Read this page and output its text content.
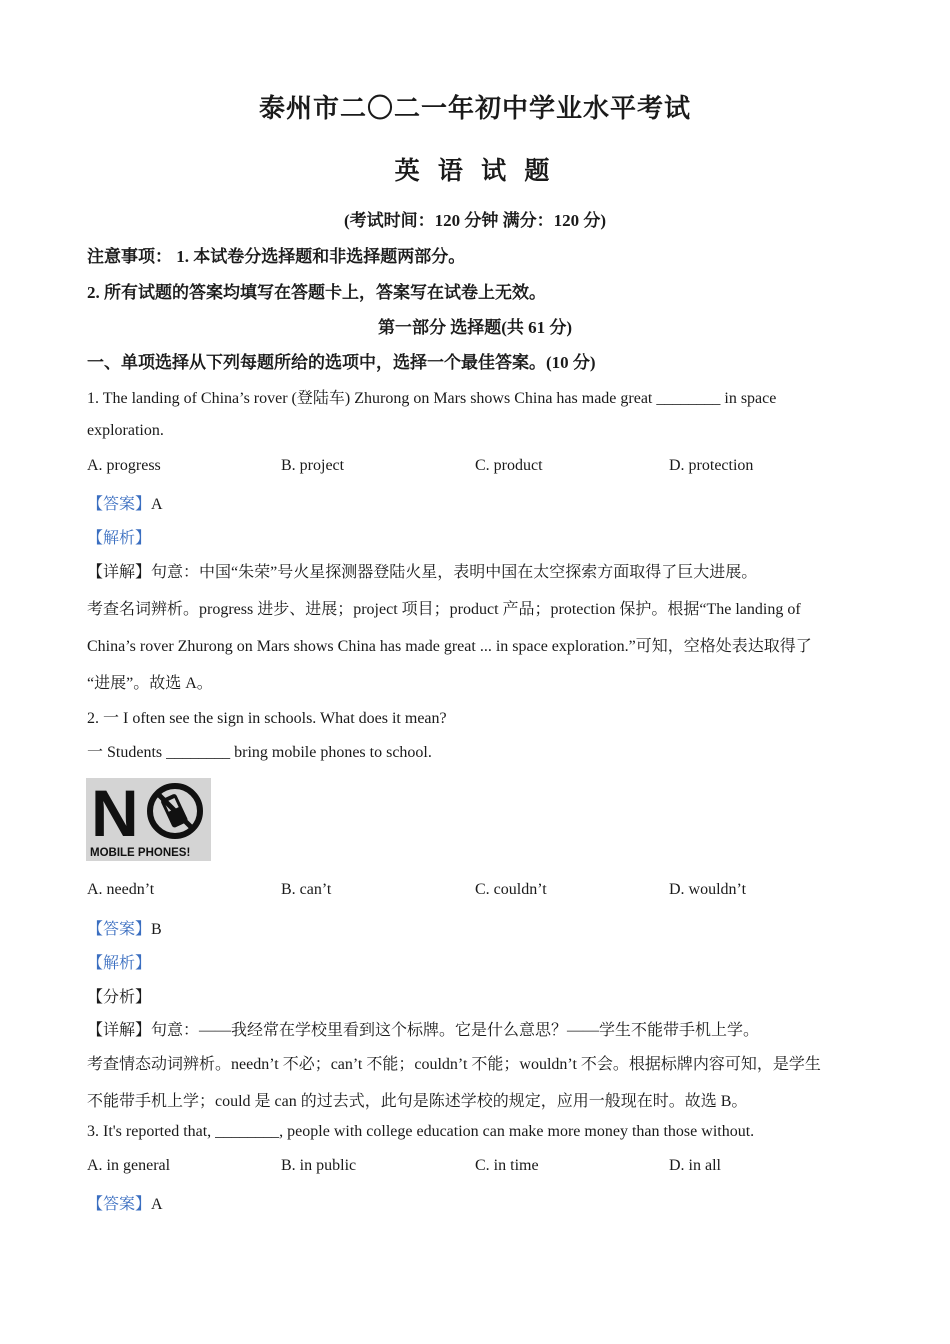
泰州市二〇二一年初中学业水平考试
英 语 试 题
(考试时间：120 分钟 满分：120 分)
注意事项： 1. 本试卷分选择题和非选择题两部分。
2. 所有试题的答案均填写在答题卡上，答案写在试卷上无效。
第一部分 选择题(共 61 分)
一、单项选择从下列每题所给的选项中，选择一个最佳答案。(10 分)
1. The landing of China’s rover (登陆车) Zhurong on Mars shows China has made great ________ in space
exploration.
A. progress	B. project	C. product	D. protection
【答案】A
【解析】
【详解】句意：中国“朱荣”号火星探测器登陆火星，表明中国在太空探索方面取得了巨大进展。
考查名词辨析。progress 进步、进展；project 项目；product 产品；protection 保护。根据“The landing of
China’s rover Zhurong on Mars shows China has made great ... in space exploration.”可知，空格处表达取得了
“进展”。故选 A。
2. 一 I often see the sign in schools. What does it mean?
一 Students ________ bring mobile phones to school.
N
MOBILE PHONES!
A. needn’t	B. can’t	C. couldn’t	D. wouldn’t
【答案】B
【解析】
【分析】
【详解】句意：——我经常在学校里看到这个标牌。它是什么意思？——学生不能带手机上学。
考查情态动词辨析。needn’t 不必；can’t 不能；couldn’t 不能；wouldn’t 不会。根据标牌内容可知，是学生
不能带手机上学；could 是 can 的过去式，此句是陈述学校的规定，应用一般现在时。故选 B。
3. It's reported that, ________, people with college education can make more money than those without.
A. in general	B. in public	C. in time	D. in all
【答案】A
